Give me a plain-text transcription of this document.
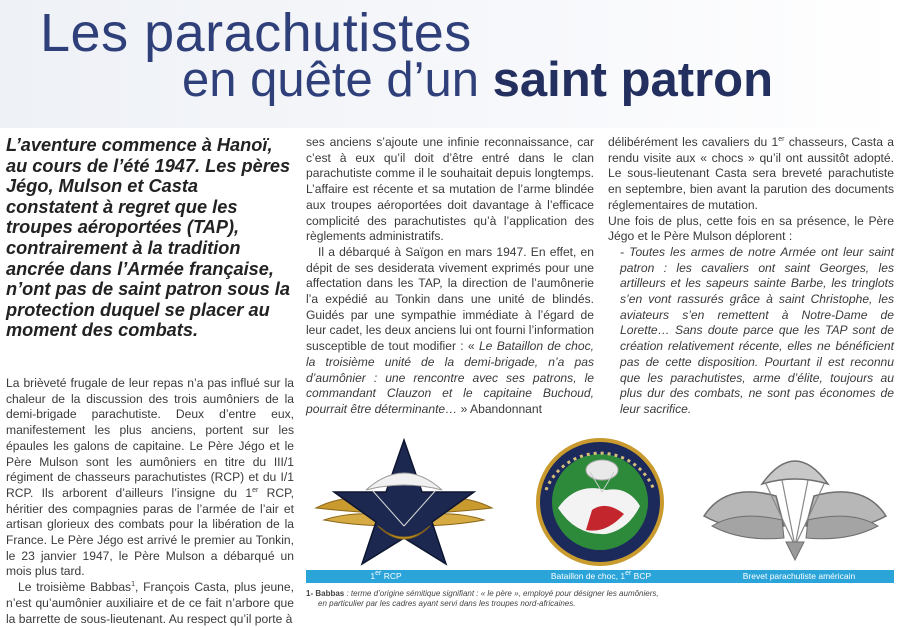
Les parachutistes
en quête d’un saint patron

L’aventure commence à Hanoï, au cours de l’été 1947. Les pères Jégo, Mulson et Casta constatent à regret que les troupes aéroportées (TAP), contrairement à la tradition ancrée dans l’Armée française, n’ont pas de saint patron sous la protection duquel se placer au moment des combats.

La brièveté frugale de leur repas n’a pas influé sur la chaleur de la discussion des trois aumôniers de la demi-brigade parachutiste. Deux d’entre eux, manifestement les plus anciens, portent sur les épaules les galons de capitaine. Le Père Jégo et le Père Mulson sont les aumôniers en titre du III/1 régiment de chasseurs parachutistes (RCP) et du I/1 RCP. Ils arborent d’ailleurs l’insigne du 1er RCP, héritier des compagnies paras de l’armée de l’air et artisan glorieux des combats pour la libération de la France. Le Père Jégo est arrivé le premier au Tonkin, le 23 janvier 1947, le Père Mulson a débarqué un mois plus tard.

Le troisième Babbas$^1$, François Casta, plus jeune, n’est qu’aumônier auxiliaire et de ce fait n’arbore que la barrette de sous-lieutenant. Au respect qu’il porte à

ses anciens s’ajoute une infinie reconnaissance, car c’est à eux qu’il doit d’être entré dans le clan parachutiste comme il le souhaitait depuis longtemps. L’affaire est récente et sa mutation de l’arme blindée aux troupes aéroportées doit davantage à l’efficace complicité des parachutistes qu’à l’application des règlements administratifs.

Il a débarqué à Saïgon en mars 1947. En effet, en dépit de ses desiderata vivement exprimés pour une affectation dans les TAP, la direction de l’aumônerie l’a expédié au Tonkin dans une unité de blindés. Guidés par une sympathie immédiate à l’égard de leur cadet, les deux anciens lui ont fourni l’information susceptible de tout modifier : « Le Bataillon de choc, la troisième unité de la demi-brigade, n’a pas d’aumônier : une rencontre avec ses patrons, le commandant Clauzon et le capitaine Buchoud, pourrait être déterminante… » Abandonnant

délibérément les cavaliers du 1er chasseurs, Casta a rendu visite aux « chocs » qu’il ont aussitôt adopté. Le sous-lieutenant Casta sera breveté parachutiste en septembre, bien avant la parution des documents réglementaires de mutation.

Une fois de plus, cette fois en sa présence, le Père Jégo et le Père Mulson déplorent :

- Toutes les armes de notre Armée ont leur saint patron : les cavaliers ont saint Georges, les artilleurs et les sapeurs sainte Barbe, les tringlots s’en vont rassurés grâce à saint Christophe, les aviateurs s’en remettent à Notre-Dame de Lorette… Sans doute parce que les TAP sont de création relativement récente, elles ne bénéficient pas de cette disposition. Pourtant il est reconnu que les parachutistes, arme d’élite, toujours au plus dur des combats, ne sont pas économes de leur sacrifice.

1er RCP	Bataillon de choc, 1er BCP	Brevet parachutiste américain
1- Babbas : terme d’origine sémitique signifiant : « le père », employé pour désigner les aumôniers,
en particulier par les cadres ayant servi dans les troupes nord-africaines.
